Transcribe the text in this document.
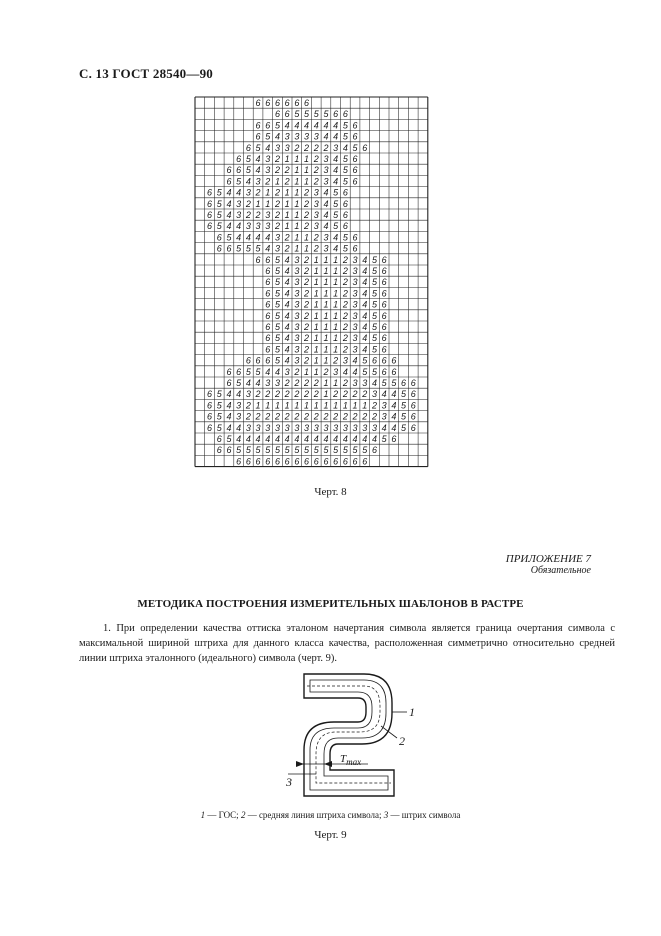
С. 13 ГОСТ 28540—90
6 6 6 6 6 6
6 6 5 5 5 5 6 6
6 6 5 4 4 4 4 4 4 5 6
6 5 4 3 3 3 3 4 4 5 6
6 5 4 3 3 2 2 2 2 3 4 5 6
6 5 4 3 2 1 1 1 2 3 4 5 6
6 6 5 4 3 2 2 1 1 2 3 4 5 6
6 5 4 3 2 1 2 1 1 2 3 4 5 6
6 5 4 4 3 2 1 2 1 1 2 3 4 5 6
6 5 4 3 2 1 1 2 1 1 2 3 4 5 6
6 5 4 3 2 2 3 2 1 1 2 3 4 5 6
6 5 4 4 3 3 3 2 1 1 2 3 4 5 6
6 5 4 4 4 4 3 2 1 1 2 3 4 5 6
6 6 5 5 5 4 3 2 1 1 2 3 4 5 6
6 6 5 4 3 2 1 1 1 2 3 4 5 6
6 5 4 3 2 1 1 1 2 3 4 5 6
6 5 4 3 2 1 1 1 2 3 4 5 6
6 5 4 3 2 1 1 1 2 3 4 5 6
6 5 4 3 2 1 1 1 2 3 4 5 6
6 5 4 3 2 1 1 1 2 3 4 5 6
6 5 4 3 2 1 1 1 2 3 4 5 6
6 5 4 3 2 1 1 1 2 3 4 5 6
6 5 4 3 2 1 1 1 2 3 4 5 6
6 6 6 5 4 3 2 1 1 2 3 4 5 6 6 6
6 6 5 5 4 4 3 2 1 1 2 3 4 4 5 5 6 6
6 5 4 4 3 3 2 2 2 2 1 1 2 3 3 4 5 5 6 6
6 5 4 4 3 2 2 2 2 2 2 2 1 2 2 2 2 3 4 4 5 6
6 5 4 3 2 1 1 1 1 1 1 1 1 1 1 1 1 2 3 4 5 6
6 5 4 3 2 2 2 2 2 2 2 2 2 2 2 2 2 2 3 4 5 6
6 5 4 4 3 3 3 3 3 3 3 3 3 3 3 3 3 3 4 4 5 6
6 5 4 4 4 4 4 4 4 4 4 4 4 4 4 4 4 5 6
6 6 5 5 5 5 5 5 5 5 5 5 5 5 5 5 6
6 6 6 6 6 6 6 6 6 6 6 6 6 6
Черт. 8
ПРИЛОЖЕНИЕ 7
Обязательное
МЕТОДИКА ПОСТРОЕНИЯ ИЗМЕРИТЕЛЬНЫХ ШАБЛОНОВ В РАСТРЕ
1. При определении качества оттиска эталоном начертания символа является граница очертания символа с максимальной шириной штриха для данного класса качества, расположенная симметрично относительно средней линии штриха эталонного (идеального) символа (черт. 9).
1
2
3
$T_{max}$
1 — ГОС; 2 — средняя линия штриха символа; 3 — штрих символа
Черт. 9
